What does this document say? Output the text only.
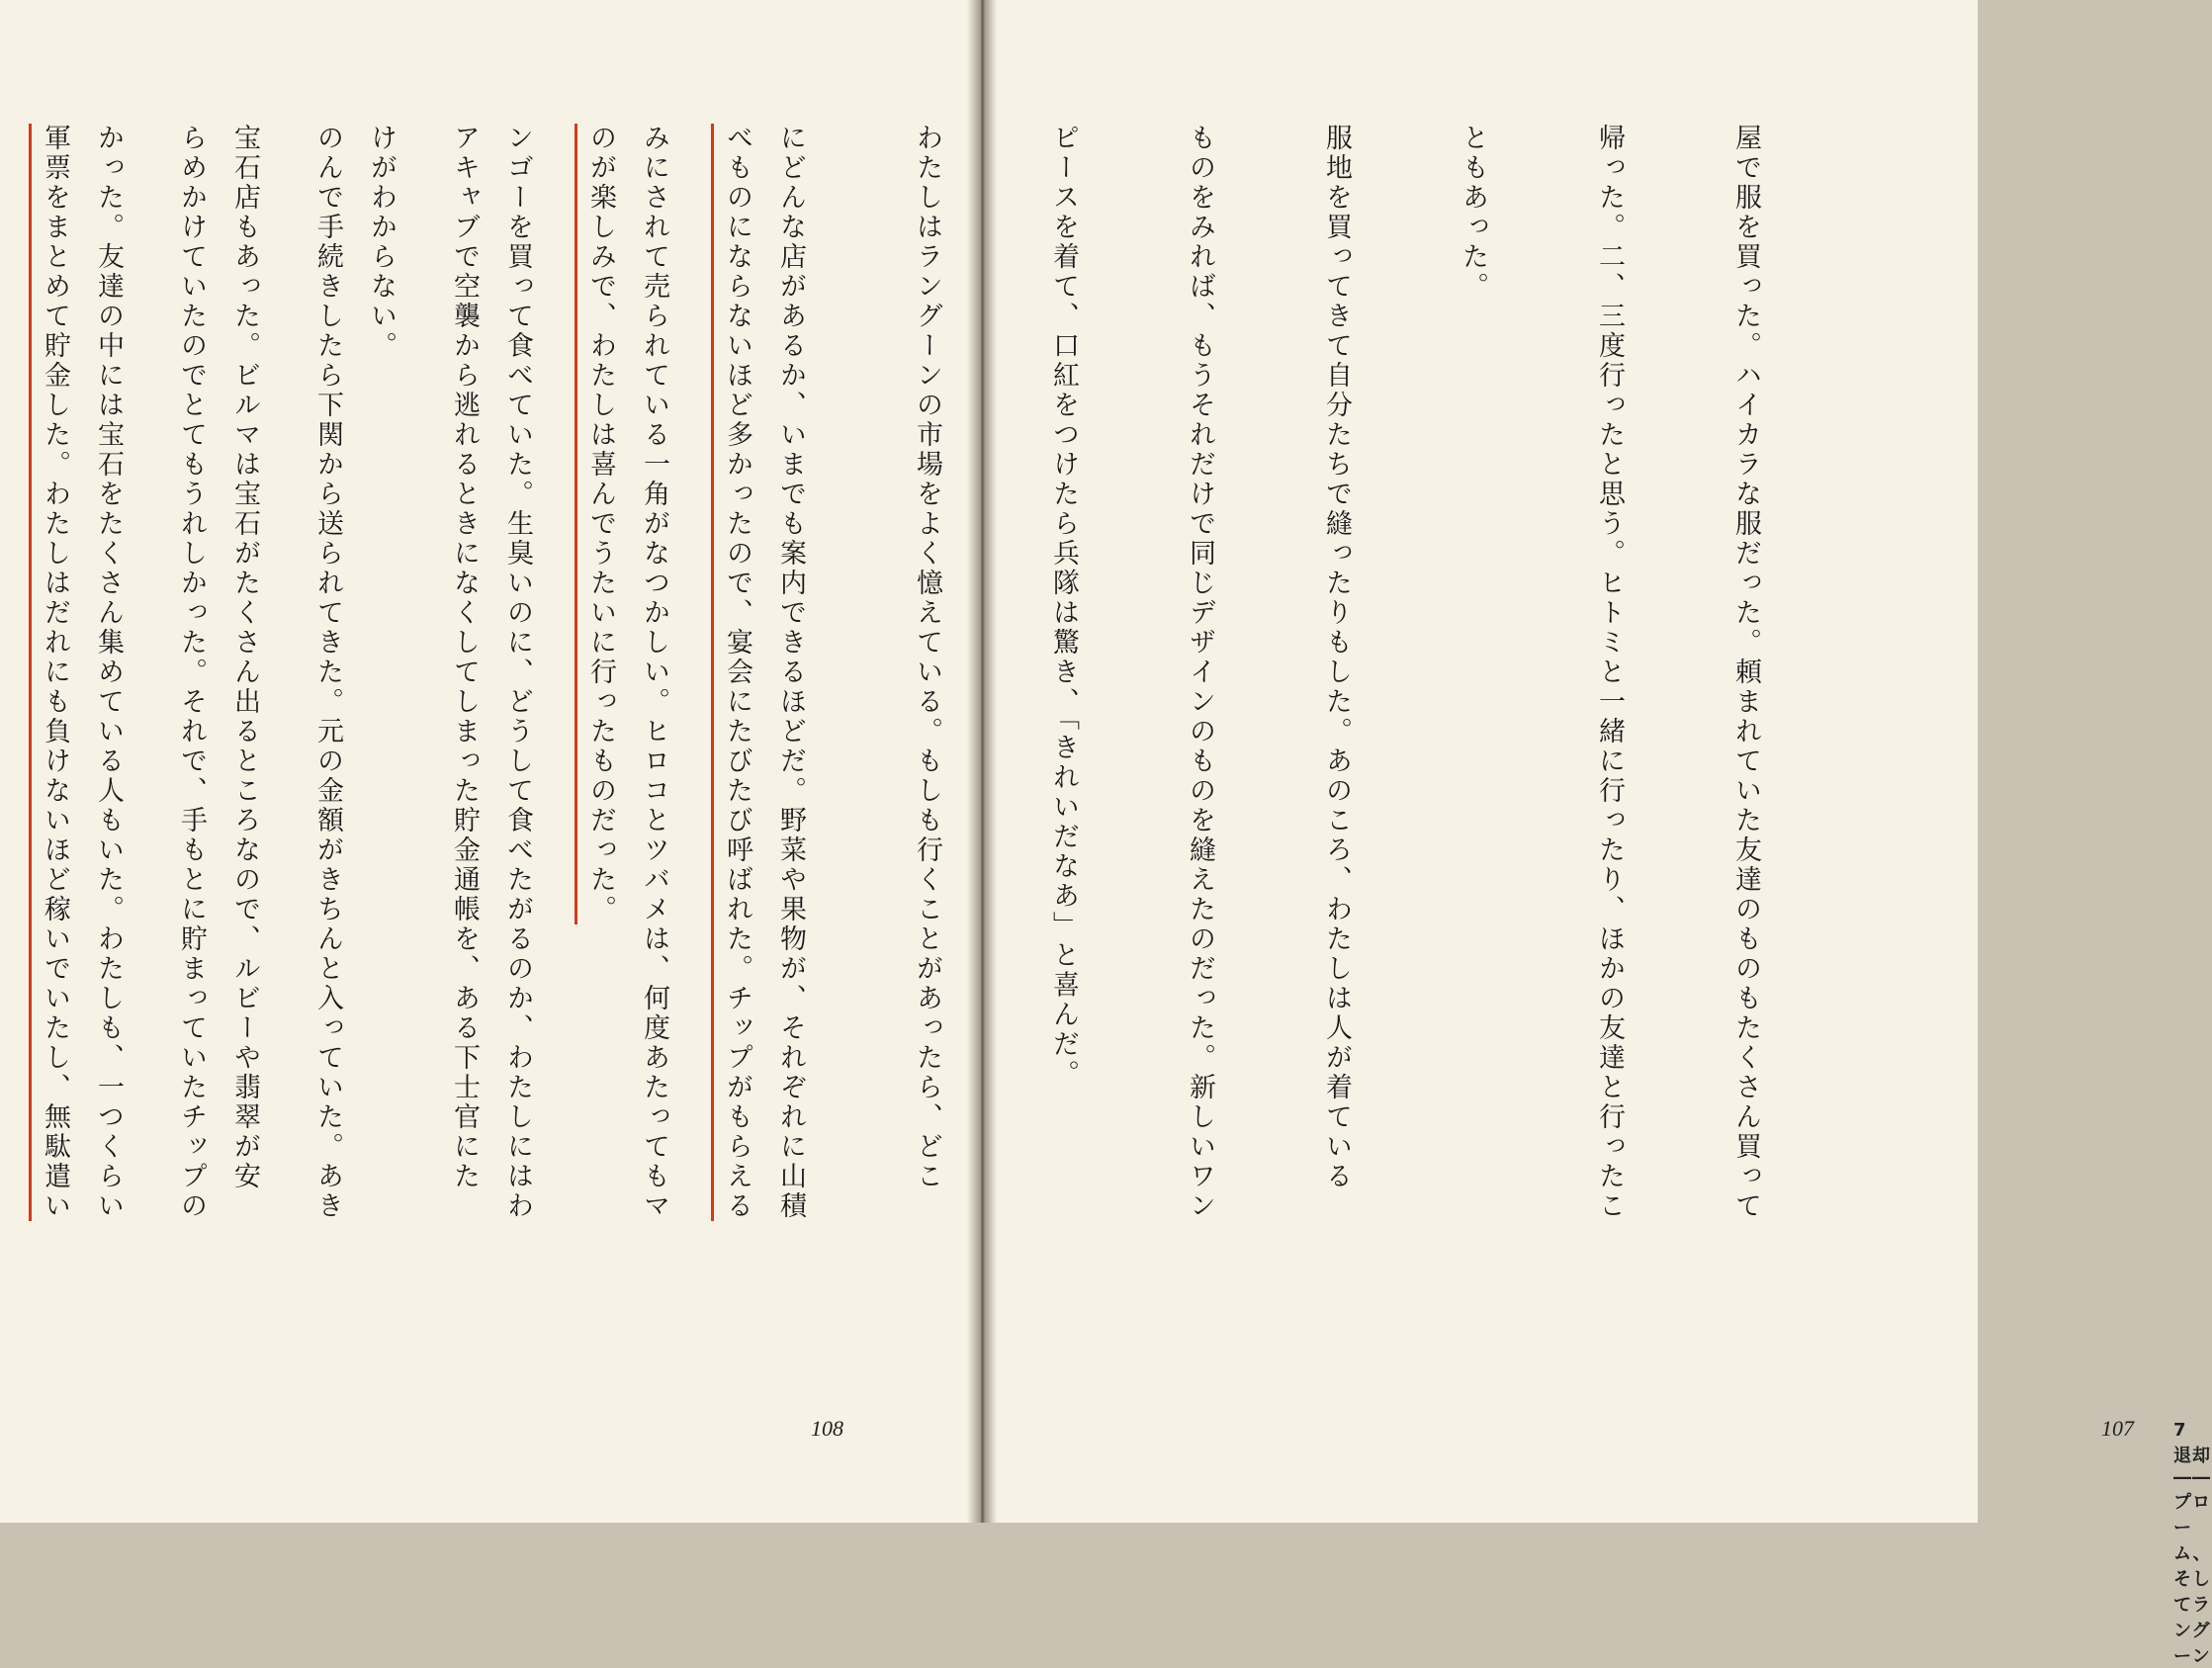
べものにならないほど多かったので、宴会にたびたび呼ばれた。チップがもらえる

のが楽しみで、わたしは喜んでうたいに行ったものだった。

アキャブで空襲から逃れるときになくしてしまった貯金通帳を、ある下士官にた

のんで手続きしたら下関から送られてきた。元の金額がきちんと入っていた。あき

らめかけていたのでとてもうれしかった。それで、手もとに貯まっていたチップの

軍票をまとめて貯金した。わたしはだれにも負けないほど稼いでいたし、無駄遣い

108

屋で服を買った。ハイカラな服だった。頼まれていた友達のものもたくさん買って

帰った。二、三度行ったと思う。ヒトミと一緒に行ったり、ほかの友達と行ったこ

ともあった。

服地を買ってきて自分たちで縫ったりもした。あのころ、わたしは人が着ている

ものをみれば、もうそれだけで同じデザインのものを縫えたのだった。新しいワン

ピースを着て、口紅をつけたら兵隊は驚き、「きれいだなあ」と喜んだ。

わたしはラングーンの市場をよく憶えている。もしも行くことがあったら、どこ

にどんな店があるか、いまでも案内できるほどだ。野菜や果物が、それぞれに山積

みにされて売られている一角がなつかしい。ヒロコとツバメは、何度あたってもマ

ンゴーを買って食べていた。生臭いのに、どうして食べたがるのか、わたしにはわ

けがわからない。

宝石店もあった。ビルマは宝石がたくさん出るところなので、ルビーや翡翠が安

かった。友達の中には宝石をたくさん集めている人もいた。わたしも、一つくらい

107 7　退却――プローム、そしてラングーン
